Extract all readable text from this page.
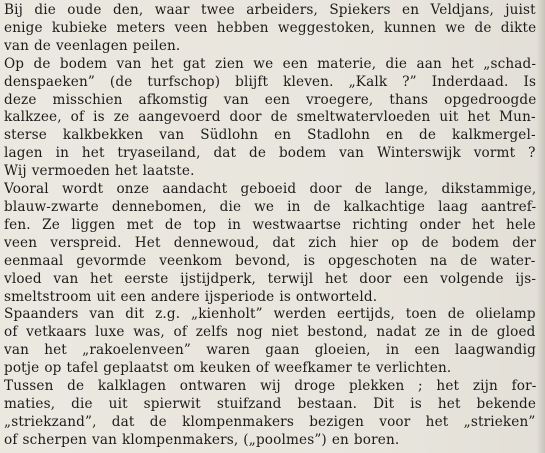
Bij die oude den, waar twee arbeiders, Spiekers en Veldjans, juist
enige kubieke meters veen hebben weggestoken, kunnen we de dikte
van de veenlagen peilen.

Op de bodem van het gat zien we een materie, die aan het „schad-
denspaeken” (de turfschop) blijft kleven. „Kalk ?” Inderdaad. Is
deze misschien afkomstig van een vroegere, thans opgedroogde
kalkzee, of is ze aangevoerd door de smeltwatervloeden uit het Mun-
sterse kalkbekken van Südlohn en Stadlohn en de kalkmergel-
lagen in het tryaseiland, dat de bodem van Winterswijk vormt ?
Wij vermoeden het laatste.

Vooral wordt onze aandacht geboeid door de lange, dikstammige,
blauw-zwarte dennebomen, die we in de kalkachtige laag aantref-
fen. Ze liggen met de top in westwaartse richting onder het hele
veen verspreid. Het dennewoud, dat zich hier op de bodem der
eenmaal gevormde veenkom bevond, is opgeschoten na de water-
vloed van het eerste ijstijdperk, terwijl het door een volgende ijs-
smeltstroom uit een andere ijsperiode is ontworteld.

Spaanders van dit z.g. „kienholt” werden eertijds, toen de olielamp
of vetkaars luxe was, of zelfs nog niet bestond, nadat ze in de gloed
van het „rakoelenveen” waren gaan gloeien, in een laagwandig
potje op tafel geplaatst om keuken of weefkamer te verlichten.

Tussen de kalklagen ontwaren wij droge plekken ; het zijn for-
maties, die uit spierwit stuifzand bestaan. Dit is het bekende
„striekzand”, dat de klompenmakers bezigen voor het „strieken”
of scherpen van klompenmakers, („poolmes”) en boren.
